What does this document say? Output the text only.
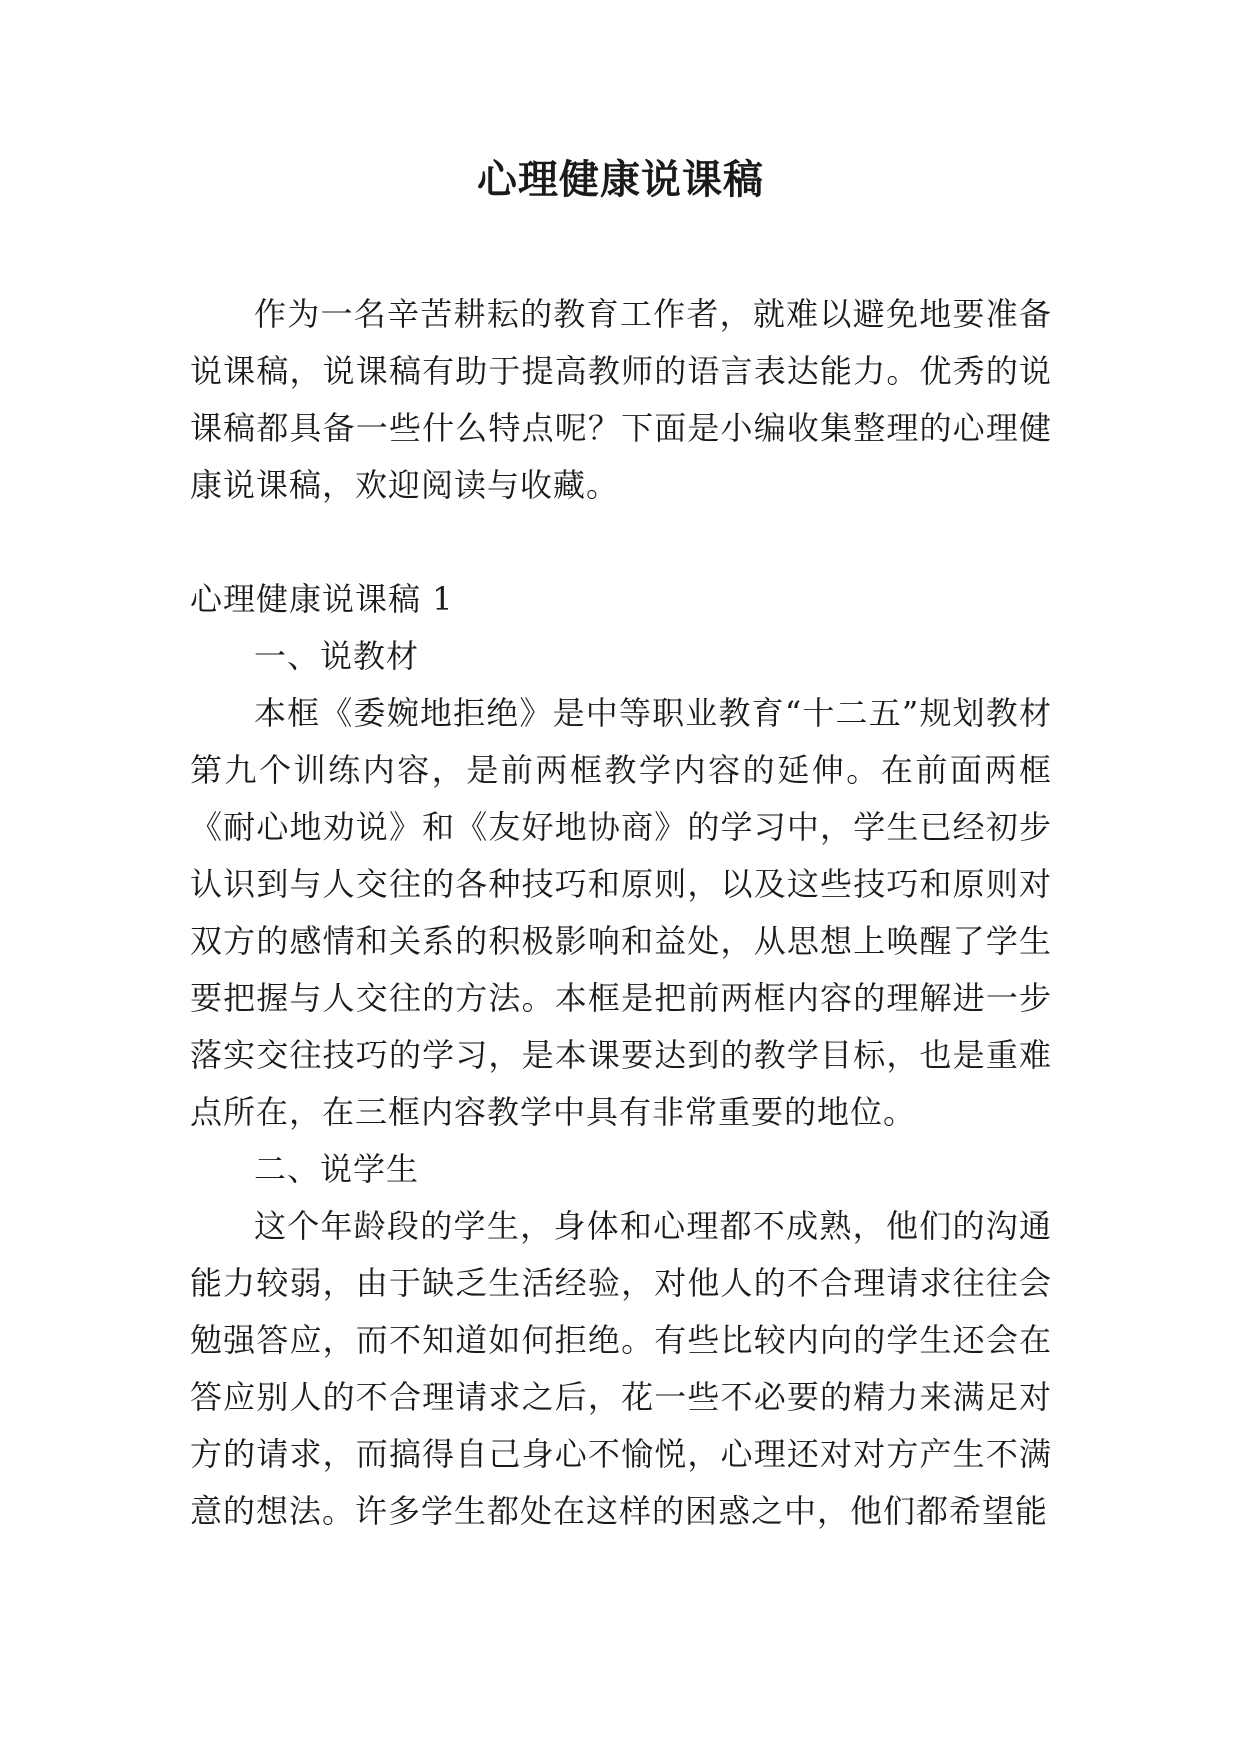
心理健康说课稿

作为一名辛苦耕耘的教育工作者，就难以避免地要准备说课稿，说课稿有助于提高教师的语言表达能力。优秀的说课稿都具备一些什么特点呢？下面是小编收集整理的心理健康说课稿，欢迎阅读与收藏。

心理健康说课稿 1

一、说教材

本框《委婉地拒绝》是中等职业教育“十二五”规划教材第九个训练内容，是前两框教学内容的延伸。在前面两框《耐心地劝说》和《友好地协商》的学习中，学生已经初步认识到与人交往的各种技巧和原则，以及这些技巧和原则对双方的感情和关系的积极影响和益处，从思想上唤醒了学生要把握与人交往的方法。本框是把前两框内容的理解进一步落实交往技巧的学习，是本课要达到的教学目标，也是重难点所在，在三框内容教学中具有非常重要的地位。

二、说学生

这个年龄段的学生，身体和心理都不成熟，他们的沟通能力较弱，由于缺乏生活经验，对他人的不合理请求往往会勉强答应，而不知道如何拒绝。有些比较内向的学生还会在答应别人的不合理请求之后，花一些不必要的精力来满足对方的请求，而搞得自己身心不愉悦，心理还对对方产生不满意的想法。许多学生都处在这样的困惑之中，他们都希望能
